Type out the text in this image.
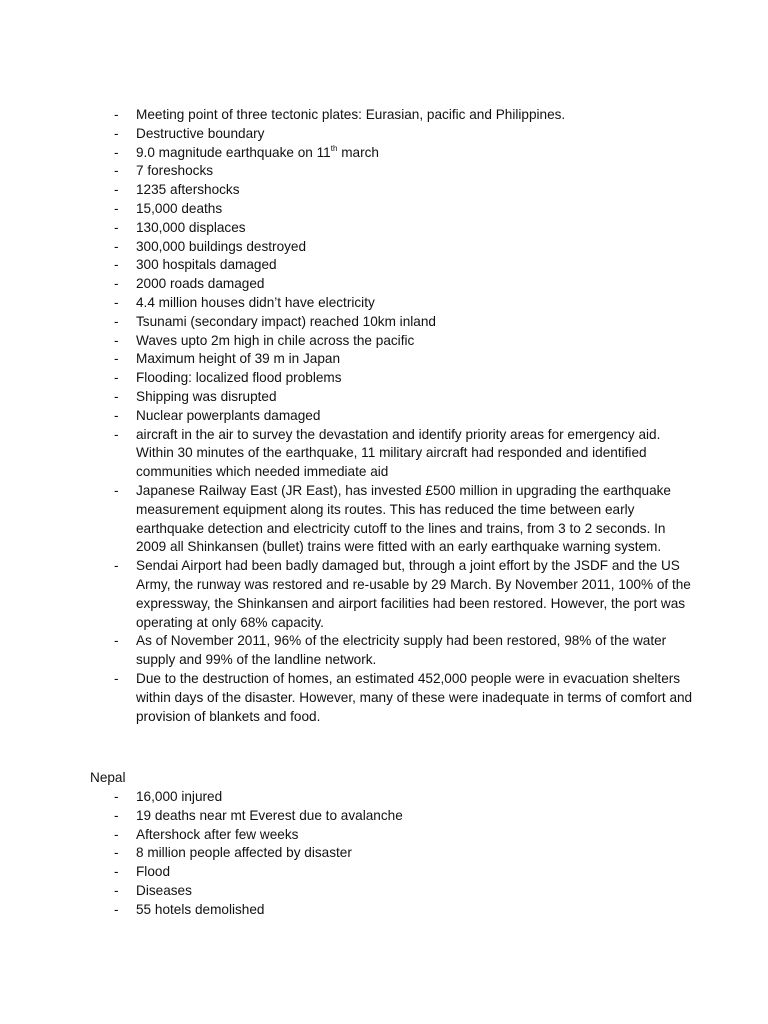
- Meeting point of three tectonic plates: Eurasian, pacific and Philippines.
- Destructive boundary
- 9.0 magnitude earthquake on 11th march
- 7 foreshocks
- 1235 aftershocks
- 15,000 deaths
- 130,000 displaces
- 300,000 buildings destroyed
- 300 hospitals damaged
- 2000 roads damaged
- 4.4 million houses didn’t have electricity
- Tsunami (secondary impact) reached 10km inland
- Waves upto 2m high in chile across the pacific
- Maximum height of 39 m in Japan
- Flooding: localized flood problems
- Shipping was disrupted
- Nuclear powerplants damaged
- aircraft in the air to survey the devastation and identify priority areas for emergency aid. Within 30 minutes of the earthquake, 11 military aircraft had responded and identified communities which needed immediate aid
- Japanese Railway East (JR East), has invested £500 million in upgrading the earthquake measurement equipment along its routes. This has reduced the time between early earthquake detection and electricity cutoff to the lines and trains, from 3 to 2 seconds. In 2009 all Shinkansen (bullet) trains were fitted with an early earthquake warning system.
- Sendai Airport had been badly damaged but, through a joint effort by the JSDF and the US Army, the runway was restored and re-usable by 29 March. By November 2011, 100% of the expressway, the Shinkansen and airport facilities had been restored. However, the port was operating at only 68% capacity.
- As of November 2011, 96% of the electricity supply had been restored, 98% of the water supply and 99% of the landline network.
- Due to the destruction of homes, an estimated 452,000 people were in evacuation shelters within days of the disaster. However, many of these were inadequate in terms of comfort and provision of blankets and food.
Nepal
- 16,000 injured
- 19 deaths near mt Everest due to avalanche
- Aftershock after few weeks
- 8 million people affected by disaster
- Flood
- Diseases
- 55 hotels demolished
